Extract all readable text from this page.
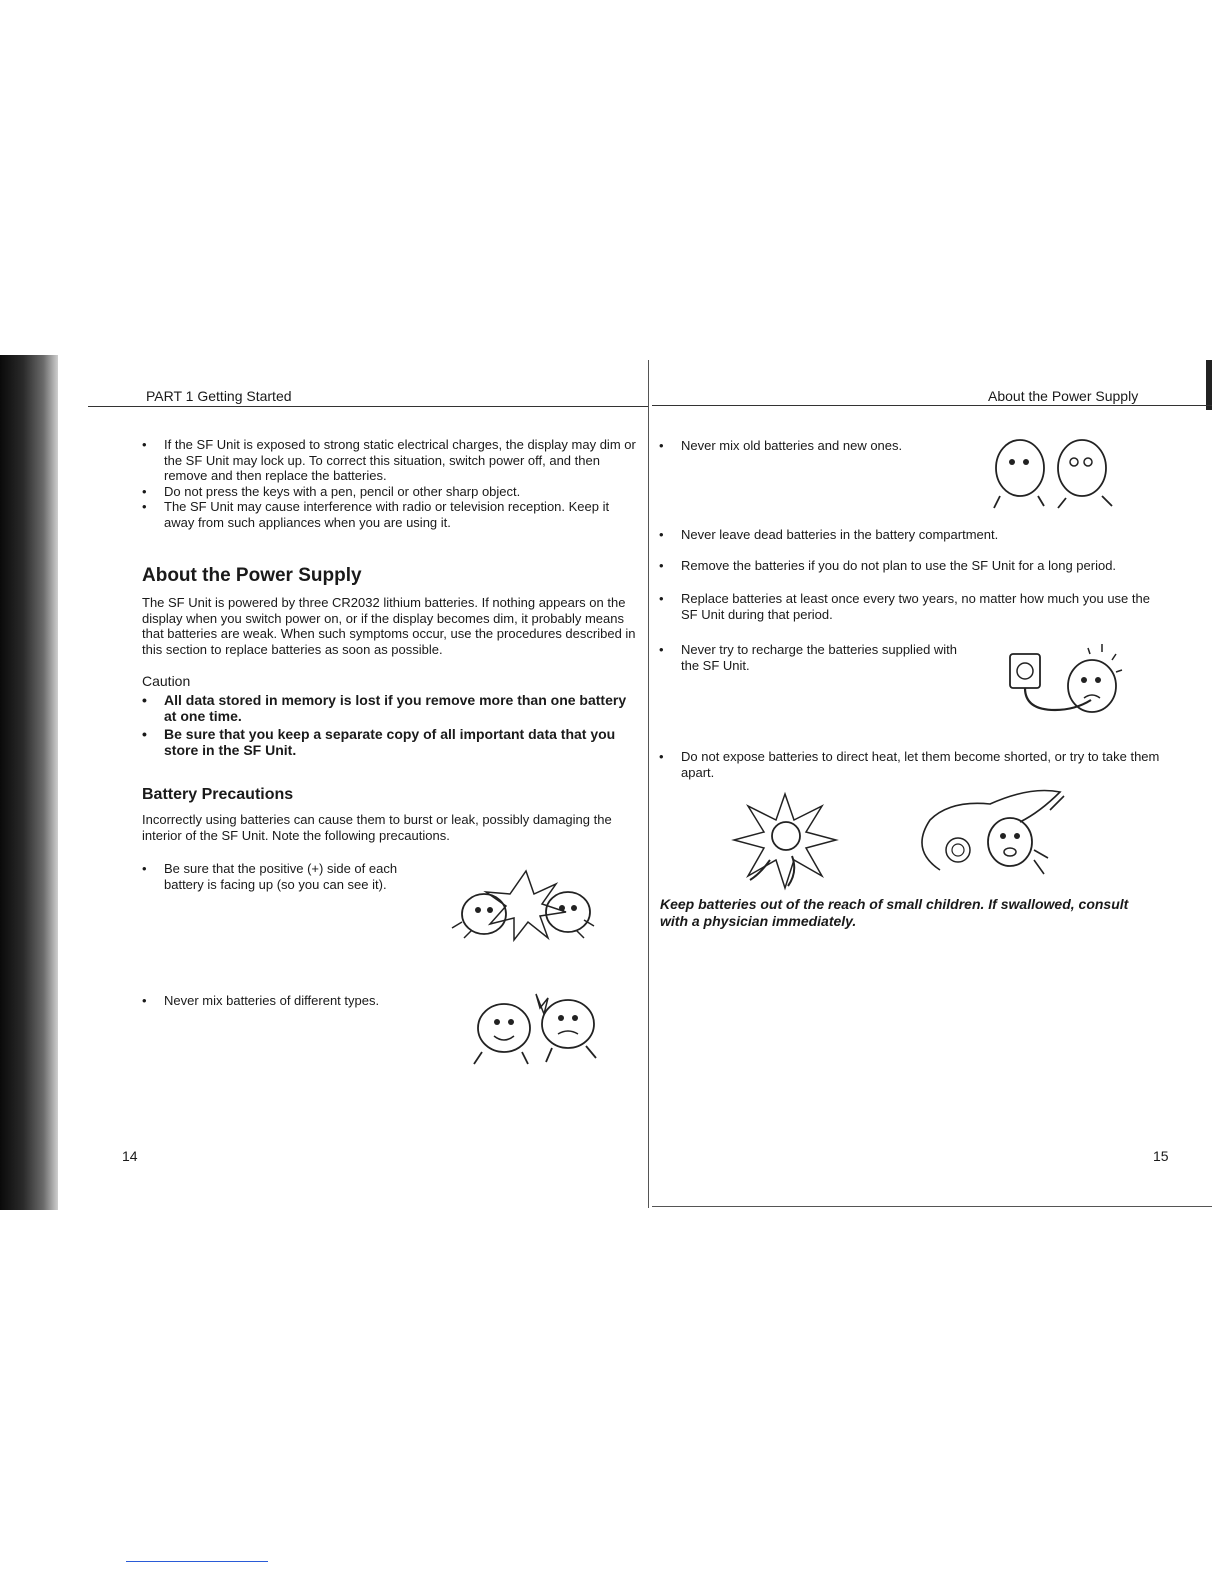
PART 1 Getting Started
•	If the SF Unit is exposed to strong static electrical charges, the display may dim or the SF Unit may lock up. To correct this situation, switch power off, and then remove and then replace the batteries.
•	Do not press the keys with a pen, pencil or other sharp object.
•	The SF Unit may cause interference with radio or television reception. Keep it away from such appliances when you are using it.
About the Power Supply
The SF Unit is powered by three CR2032 lithium batteries. If nothing appears on the display when you switch power on, or if the display becomes dim, it probably means that batteries are weak. When such symptoms occur, use the procedures described in this section to replace batteries as soon as possible.
Caution
•	All data stored in memory is lost if you remove more than one battery at one time.
•	Be sure that you keep a separate copy of all important data that you store in the SF Unit.
Battery Precautions
Incorrectly using batteries can cause them to burst or leak, possibly damaging the interior of the SF Unit. Note the following precautions.
•	Be sure that the positive (+) side of each battery is facing up (so you can see it).
•	Never mix batteries of different types.
14
About the Power Supply
•	Never mix old batteries and new ones.
•	Never leave dead batteries in the battery compartment.
•	Remove the batteries if you do not plan to use the SF Unit for a long period.
•	Replace batteries at least once every two years, no matter how much you use the SF Unit during that period.
•	Never try to recharge the batteries supplied with the SF Unit.
•	Do not expose batteries to direct heat, let them become shorted, or try to take them apart.
Keep batteries out of the reach of small children. If swallowed, consult with a physician immediately.
15
